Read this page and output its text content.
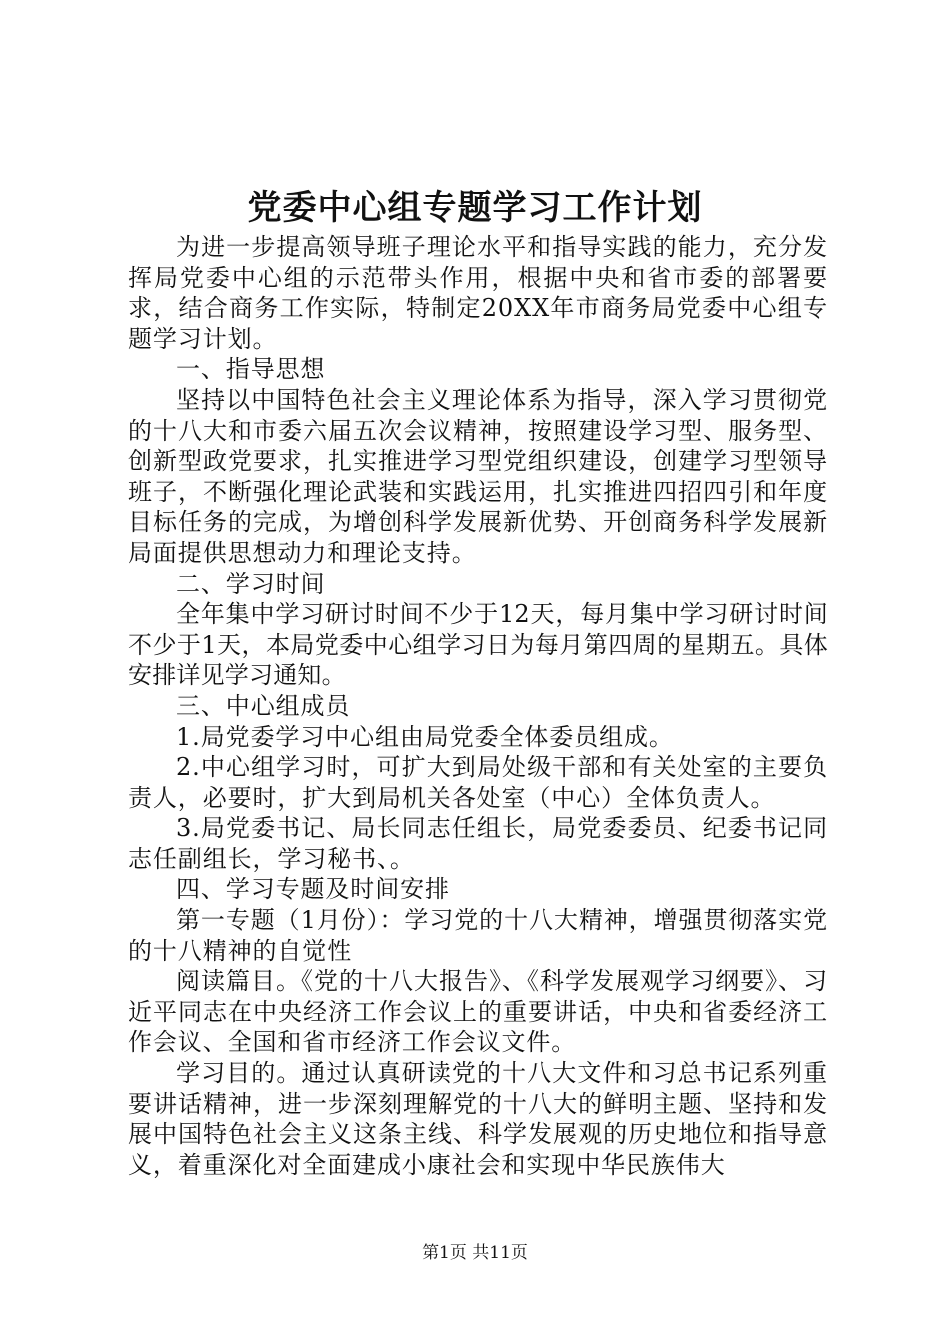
党委中心组专题学习工作计划

为进一步提高领导班子理论水平和指导实践的能力，充分发挥局党委中心组的示范带头作用，根据中央和省市委的部署要求，结合商务工作实际，特制定20XX年市商务局党委中心组专题学习计划。

一、指导思想

坚持以中国特色社会主义理论体系为指导，深入学习贯彻党的十八大和市委六届五次会议精神，按照建设学习型、服务型、创新型政党要求，扎实推进学习型党组织建设，创建学习型领导班子，不断强化理论武装和实践运用，扎实推进四招四引和年度目标任务的完成，为增创科学发展新优势、开创商务科学发展新局面提供思想动力和理论支持。

二、学习时间

全年集中学习研讨时间不少于12天，每月集中学习研讨时间不少于1天，本局党委中心组学习日为每月第四周的星期五。具体安排详见学习通知。

三、中心组成员

1.局党委学习中心组由局党委全体委员组成。

2.中心组学习时，可扩大到局处级干部和有关处室的主要负责人，必要时，扩大到局机关各处室（中心）全体负责人。

3.局党委书记、局长同志任组长，局党委委员、纪委书记同志任副组长，学习秘书、。

四、学习专题及时间安排

第一专题（1月份）：学习党的十八大精神，增强贯彻落实党的十八精神的自觉性

阅读篇目。《党的十八大报告》、《科学发展观学习纲要》、习近平同志在中央经济工作会议上的重要讲话，中央和省委经济工作会议、全国和省市经济工作会议文件。

学习目的。通过认真研读党的十八大文件和习总书记系列重要讲话精神，进一步深刻理解党的十八大的鲜明主题、坚持和发展中国特色社会主义这条主线、科学发展观的历史地位和指导意义，着重深化对全面建成小康社会和实现中华民族伟大

第1页 共11页
